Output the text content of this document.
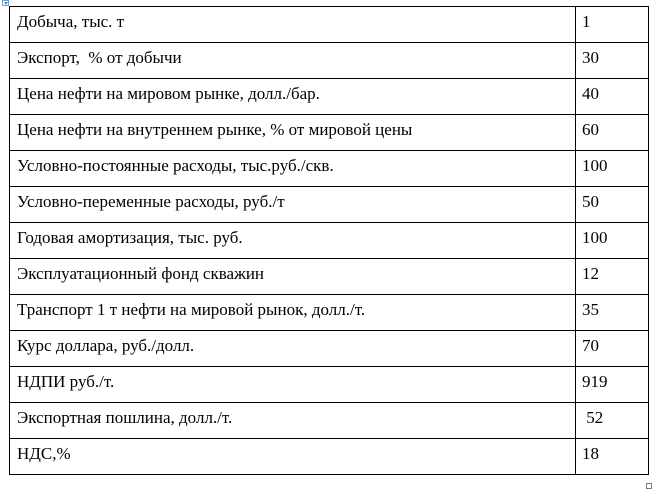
Добыча, тыс. т	1
Экспорт,  % от добычи	30
Цена нефти на мировом рынке, долл./бар.	40
Цена нефти на внутреннем рынке, % от мировой цены	60
Условно-постоянные расходы, тыс.руб./скв.	100
Условно-переменные расходы, руб./т	50
Годовая амортизация, тыс. руб.	100
Эксплуатационный фонд скважин	12
Транспорт 1 т нефти на мировой рынок, долл./т.	35
Курс доллара, руб./долл.	70
НДПИ руб./т.	919
Экспортная пошлина, долл./т.	52
НДС,%	18
